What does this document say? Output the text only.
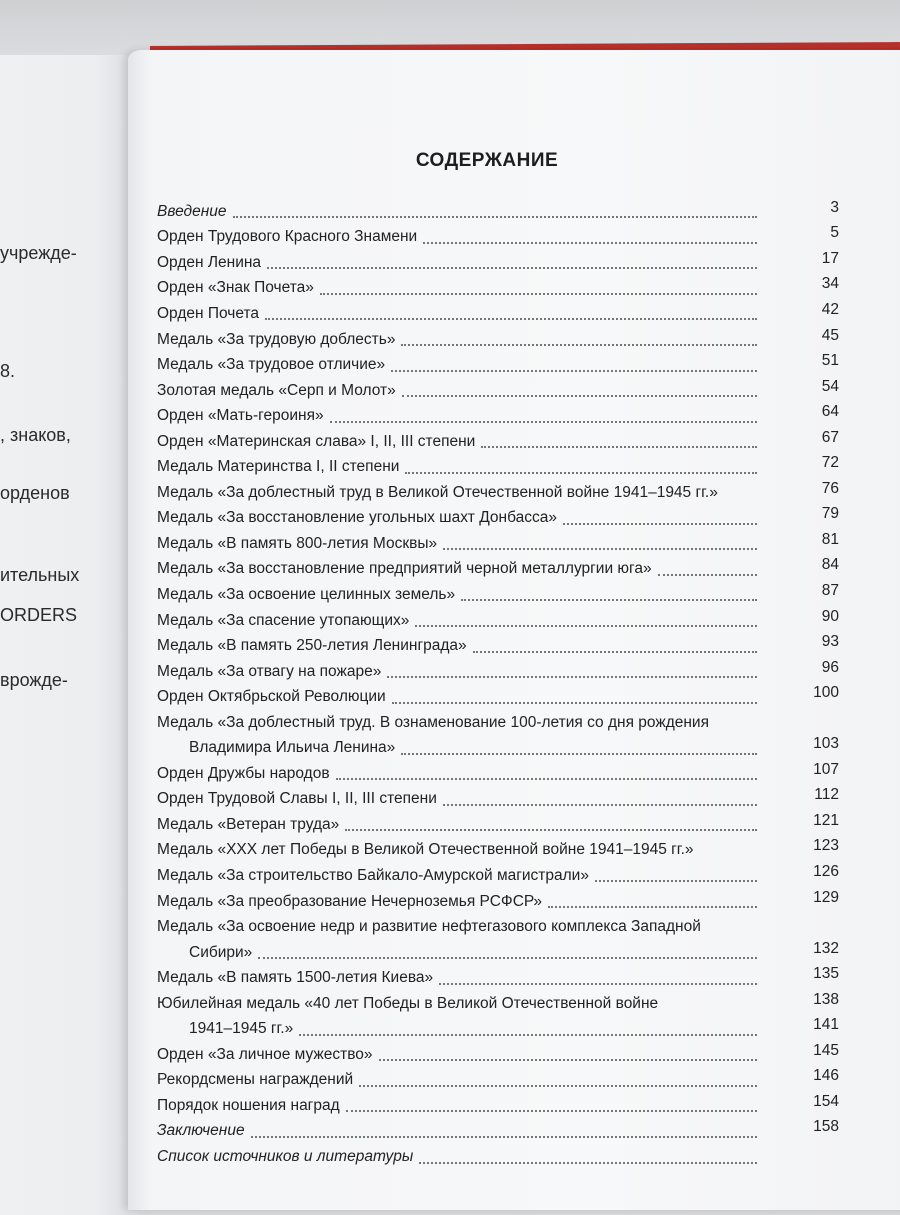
учрежде-
8.
, знаков,
орденов
ительных
ORDERS
врожде-
СОДЕРЖАНИЕ
Введение	3
Орден Трудового Красного Знамени	5
Орден Ленина	17
Орден «Знак Почета»	34
Орден Почета	42
Медаль «За трудовую доблесть»	45
Медаль «За трудовое отличие»	51
Золотая медаль «Серп и Молот»	54
Орден «Мать-героиня»	64
Орден «Материнская слава» I, II, III степени	67
Медаль Материнства I, II степени	72
Медаль «За доблестный труд в Великой Отечественной войне 1941–1945 гг.»	76
Медаль «За восстановление угольных шахт Донбасса»	79
Медаль «В память 800-летия Москвы»	81
Медаль «За восстановление предприятий черной металлургии юга»	84
Медаль «За освоение целинных земель»	87
Медаль «За спасение утопающих»	90
Медаль «В память 250-летия Ленинграда»	93
Медаль «За отвагу на пожаре»	96
Орден Октябрьской Революции	100
Медаль «За доблестный труд. В ознаменование 100-летия со дня рождения
Владимира Ильича Ленина»	103
Орден Дружбы народов	107
Орден Трудовой Славы I, II, III степени	112
Медаль «Ветеран труда»	121
Медаль «XXX лет Победы в Великой Отечественной войне 1941–1945 гг.»	123
Медаль «За строительство Байкало-Амурской магистрали»	126
Медаль «За преобразование Нечерноземья РСФСР»	129
Медаль «За освоение недр и развитие нефтегазового комплекса Западной
Сибири»	132
Медаль «В память 1500-летия Киева»	135
Юбилейная медаль «40 лет Победы в Великой Отечественной войне	138
1941–1945 гг.»	141
Орден «За личное мужество»	145
Рекордсмены награждений	146
Порядок ношения наград	154
Заключение	158
Список источников и литературы
